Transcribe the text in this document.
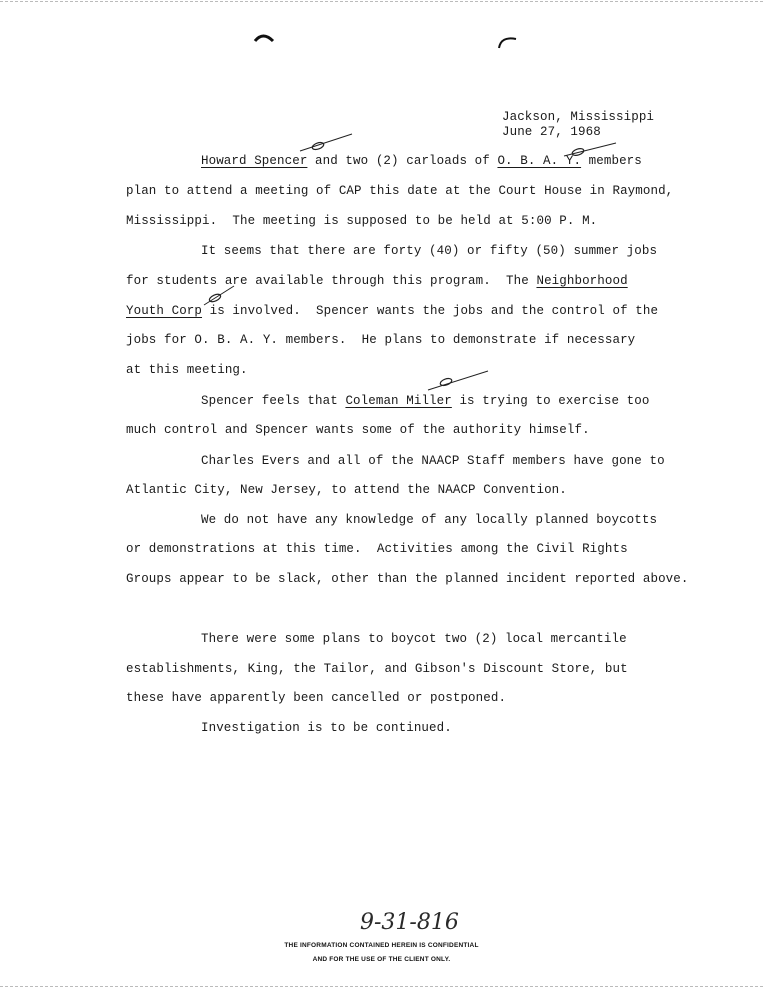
Jackson, Mississippi
June 27, 1968
Howard Spencer and two (2) carloads of O. B. A. Y. members
plan to attend a meeting of CAP this date at the Court House in Raymond,
Mississippi.  The meeting is supposed to be held at 5:00 P. M.
It seems that there are forty (40) or fifty (50) summer jobs
for students are available through this program.  The Neighborhood
Youth Corp is involved.  Spencer wants the jobs and the control of the
jobs for O. B. A. Y. members.  He plans to demonstrate if necessary
at this meeting.
Spencer feels that Coleman Miller is trying to exercise too
much control and Spencer wants some of the authority himself.
Charles Evers and all of the NAACP Staff members have gone to
Atlantic City, New Jersey, to attend the NAACP Convention.
We do not have any knowledge of any locally planned boycotts
or demonstrations at this time.  Activities among the Civil Rights
Groups appear to be slack, other than the planned incident reported above.
There were some plans to boycot two (2) local mercantile
establishments, King, the Tailor, and Gibson's Discount Store, but
these have apparently been cancelled or postponed.
Investigation is to be continued.
9-31-816
THE INFORMATION CONTAINED HEREIN IS CONFIDENTIAL
AND FOR THE USE OF THE CLIENT ONLY.
